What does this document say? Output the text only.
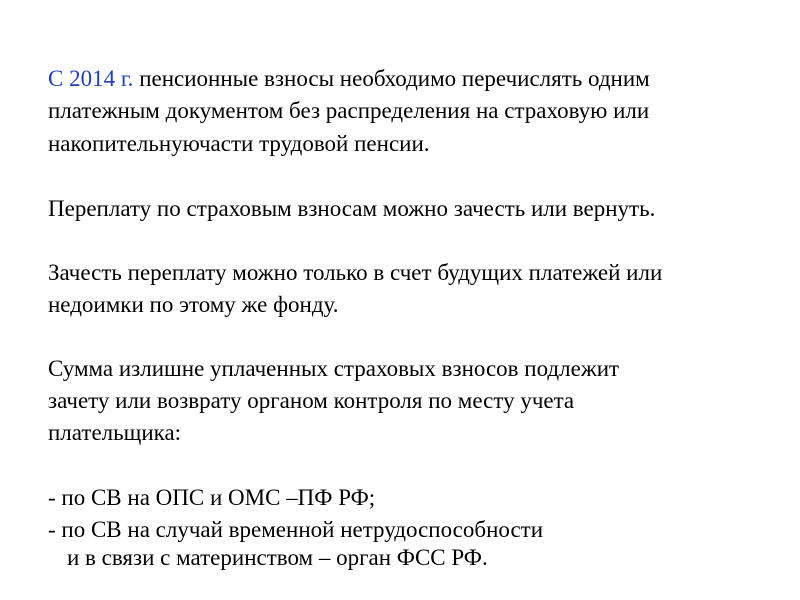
С 2014 г. пенсионные взносы необходимо перечислять одним
платежным документом без распределения на страховую или
накопительнуючасти трудовой пенсии.
Переплату по страховым взносам можно зачесть или вернуть.
Зачесть переплату можно только в счет будущих платежей или
недоимки по этому же фонду.
Сумма излишне уплаченных страховых взносов подлежит
зачету или возврату органом контроля по месту учета
плательщика:
- по СВ на ОПС и ОМС –ПФ РФ;
- по СВ на случай временной нетрудоспособности
и в связи с материнством – орган ФСС РФ.
